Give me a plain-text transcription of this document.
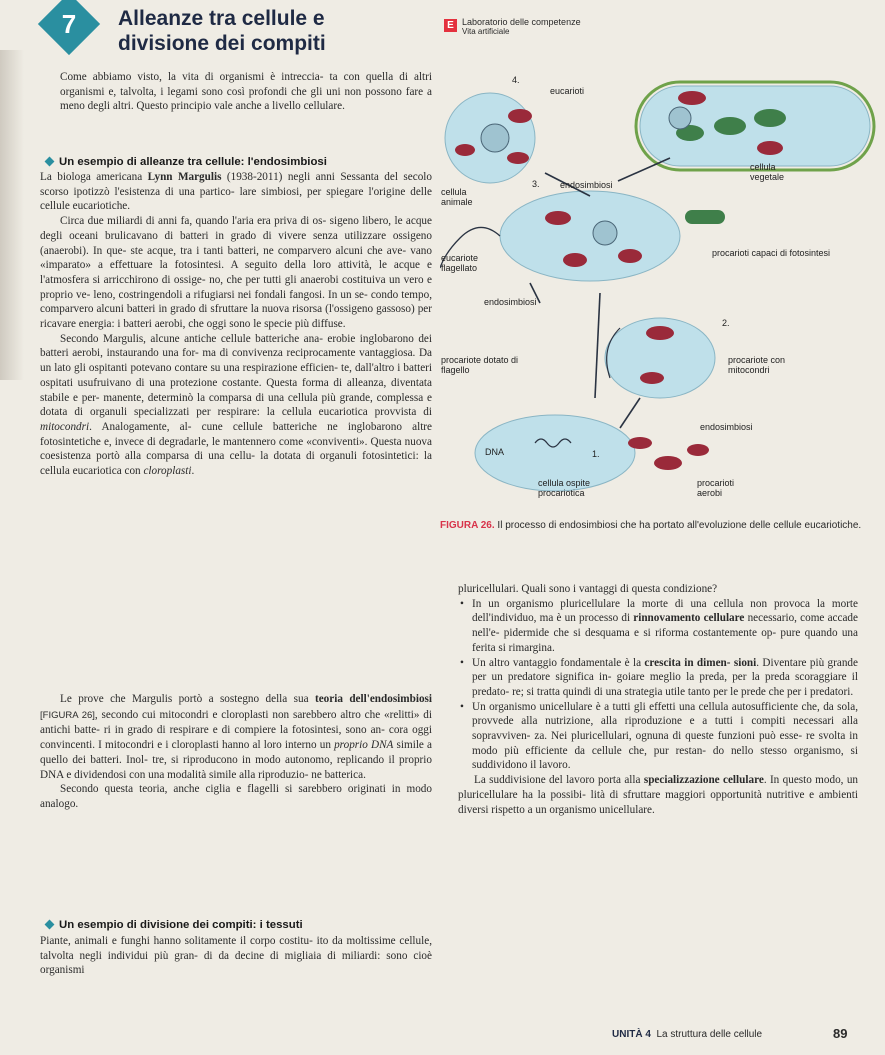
7	Alleanze tra cellule e
divisione dei compiti
E Laboratorio delle competenze
Vita artificiale
Come abbiamo visto, la vita di organismi è intreccia- ta con quella di altri organismi e, talvolta, i legami sono così profondi che gli uni non possono fare a meno degli altri. Questo principio vale anche a livello cellulare.
Un esempio di alleanze tra cellule: l'endosimbiosi

La biologa americana Lynn Margulis (1938-2011) negli anni Sessanta del secolo scorso ipotizzò l'esistenza di una partico- lare simbiosi, per spiegare l'origine delle cellule eucariotiche.

Circa due miliardi di anni fa, quando l'aria era priva di os- sigeno libero, le acque degli oceani brulicavano di batteri in grado di vivere senza utilizzare ossigeno (anaerobi). In que- ste acque, tra i tanti batteri, ne comparvero alcuni che ave- vano «imparato» a effettuare la fotosintesi. A seguito della loro attività, le acque e l'atmosfera si arricchirono di ossige- no, che per tutti gli anaerobi costituiva un vero e proprio ve- leno, costringendoli a rifugiarsi nei fondali fangosi. In un se- condo tempo, comparvero alcuni batteri in grado di sfruttare la nuova risorsa (l'ossigeno gassoso) per ricavare energia: i batteri aerobi, che oggi sono le specie più diffuse.

Secondo Margulis, alcune antiche cellule batteriche ana- erobie inglobarono dei batteri aerobi, instaurando una for- ma di convivenza reciprocamente vantaggiosa. Da un lato gli ospitanti potevano contare su una respirazione efficien- te, dall'altro i batteri ospitati usufruivano di una protezione costante. Questa forma di alleanza, diventata stabile e per- manente, determinò la comparsa di una cellula più grande, complessa e dotata di organuli specializzati per respirare: la cellula eucariotica provvista di mitocondri. Analogamente, al- cune cellule batteriche ne inglobarono altre fotosintetiche e, invece di degradarle, le mantennero come «conviventi». Questa nuova coesistenza portò alla comparsa di una cellu- la dotata di organuli fotosintetici: la cellula eucariotica con cloroplasti.

Le prove che Margulis portò a sostegno della sua teoria dell'endosimbiosi [FIGURA 26], secondo cui mitocondri e cloroplasti non sarebbero altro che «relitti» di antichi batte- ri in grado di respirare e di compiere la fotosintesi, sono an- cora oggi convincenti. I mitocondri e i cloroplasti hanno al loro interno un proprio DNA simile a quello dei batteri. Inol- tre, si riproducono in modo autonomo, replicando il proprio DNA e dividendosi con una modalità simile alla riproduzio- ne batterica.

Secondo questa teoria, anche ciglia e flagelli si sarebbero originati in modo analogo.

Un esempio di divisione dei compiti: i tessuti
Piante, animali e funghi hanno solitamente il corpo costitu- ito da moltissime cellule, talvolta negli individui più gran- di da decine di migliaia di miliardi: sono cioè organismi
eucarioti
4.
cellula vegetale
cellula animale
3. endosimbiosi
eucariote flagellato
procarioti capaci di fotosintesi
endosimbiosi
2.
procariote dotato di flagello
procariote con mitocondri
endosimbiosi
DNA	1.
cellula ospite procariotica
procarioti aerobi
FIGURA 26. Il processo di endosimbiosi che ha portato all'evoluzione delle cellule eucariotiche.

pluricellulari. Quali sono i vantaggi di questa condizione?

• In un organismo pluricellulare la morte di una cellula non provoca la morte dell'individuo, ma è un processo di rinnovamento cellulare necessario, come accade nell'e- pidermide che si desquama e si riforma costantemente op- pure quando una ferita si rimargina.

• Un altro vantaggio fondamentale è la crescita in dimen- sioni. Diventare più grande per un predatore significa in- goiare meglio la preda, per la preda scoraggiare il predato- re; si tratta quindi di una strategia utile tanto per le prede che per i predatori.

• Un organismo unicellulare è a tutti gli effetti una cellula autosufficiente che, da sola, provvede alla nutrizione, alla riproduzione e a tutti i compiti necessari alla sopravviven- za. Nei pluricellulari, ognuna di queste funzioni può esse- re svolta in modo più efficiente da cellule che, pur restan- do nello stesso organismo, si suddividono il lavoro.

La suddivisione del lavoro porta alla specializzazione cellulare. In questo modo, un pluricellulare ha la possibi- lità di sfruttare maggiori opportunità nutritive e ambienti diversi rispetto a un organismo unicellulare.

UNITÀ 4 La struttura delle cellule	89
